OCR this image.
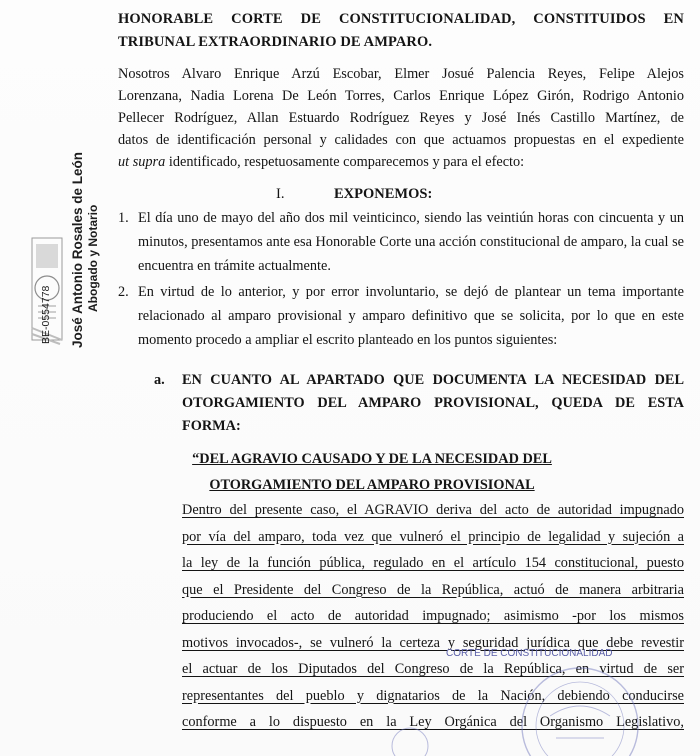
HONORABLE CORTE DE CONSTITUCIONALIDAD, CONSTITUIDOS EN
TRIBUNAL EXTRAORDINARIO DE AMPARO.
Nosotros Alvaro Enrique Arzú Escobar, Elmer Josué Palencia Reyes, Felipe Alejos
Lorenzana, Nadia Lorena De León Torres, Carlos Enrique López Girón, Rodrigo Antonio
Pellecer Rodríguez, Allan Estuardo Rodríguez Reyes y José Inés Castillo Martínez, de
datos de identificación personal y calidades con que actuamos propuestas en el expediente
ut supra identificado, respetuosamente comparecemos y para el efecto:
I.	EXPONEMOS:
1. El día uno de mayo del año dos mil veinticinco, siendo las veintiún horas con cincuenta y un minutos, presentamos ante esa Honorable Corte una acción constitucional de amparo, la cual se encuentra en trámite actualmente.
2. En virtud de lo anterior, y por error involuntario, se dejó de plantear un tema importante relacionado al amparo provisional y amparo definitivo que se solicita, por lo que en este momento procedo a ampliar el escrito planteado en los puntos siguientes:
a. EN CUANTO AL APARTADO QUE DOCUMENTA LA NECESIDAD DEL OTORGAMIENTO DEL AMPARO PROVISIONAL, QUEDA DE ESTA FORMA:
“DEL AGRAVIO CAUSADO Y DE LA NECESIDAD DEL
OTORGAMIENTO DEL AMPARO PROVISIONAL
Dentro del presente caso, el AGRAVIO deriva del acto de autoridad impugnado
por vía del amparo, toda vez que vulneró el principio de legalidad y sujeción a
la ley de la función pública, regulado en el artículo 154 constitucional, puesto
que el Presidente del Congreso de la República, actuó de manera arbitraria
produciendo el acto de autoridad impugnado; asimismo -por los mismos
motivos invocados-, se vulneró la certeza y seguridad jurídica que debe revestir
el actuar de los Diputados del Congreso de la República, en virtud de ser
representantes del pueblo y dignatarios de la Nación, debiendo conducirse
conforme a lo dispuesto en la Ley Orgánica del Organismo Legislativo,
BE-0554778 José Antonio Rosales de León Abogado y Notario
CORTE DE CONSTITUCIONALIDAD
